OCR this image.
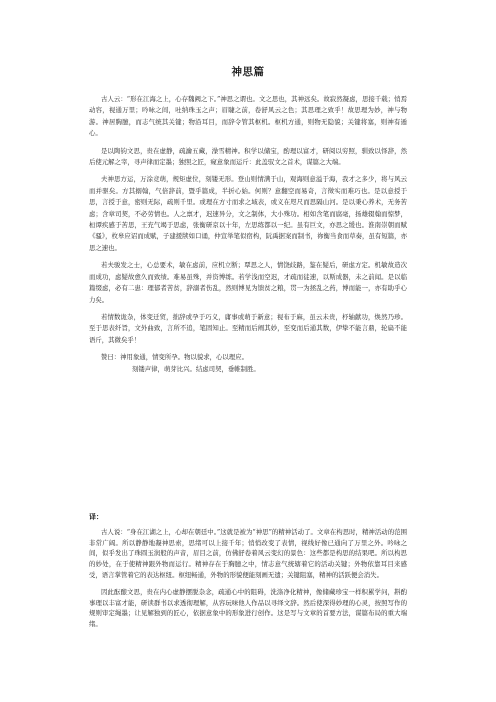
神思篇

古人云：“形在江海之上，心存魏阙之下。”神思之谓也。文之思也，其神远矣。故寂然凝虑，思接千载；悄焉动容，视通万里；吟咏之间，吐纳珠玉之声；眉睫之前，卷舒风云之色；其思理之致乎！故思理为妙，神与物游。神居胸臆，而志气统其关键；物沿耳目，而辞令管其枢机。枢机方通，则物无隐貌；关键将塞，则神有遁心。

是以陶钧文思，贵在虚静，疏瀹五藏，澡雪精神。积学以储宝，酌理以富才，研阅以穷照，驯致以怿辞，然后使元解之宰，寻声律而定墨；独照之匠，窥意象而运斤：此盖驭文之首术，谋篇之大端。

夫神思方运，万涂竞萌，规矩虚位，刻镂无形。登山则情满于山，观海则意溢于海，我才之多少，将与风云而并驱矣。方其搦翰，气倍辞前，暨乎篇成，半折心始。何则？意翻空而易奇，言徵实而难巧也。是以意授于思，言授于意，密则无际，疏则千里。或理在方寸而求之域表，或义在咫尺而思隔山河。是以秉心养术，无务苦虑；含章司契，不必劳情也。人之禀才，迟速异分，文之制体，大小殊功。相如含笔而腐毫，扬雄辍翰而惊梦，桓谭疾感于苦思，王充气竭于思虑，张衡研京以十年，左思练都以一纪。虽有巨文，亦思之缓也。淮南崇朝而赋《骚》，枚皋应诏而成赋，子建援牍如口诵，仲宣举笔似宿构，阮禹据案而制书，祢衡当食而草奏，虽有短篇，亦思之速也。

若夫骏发之士，心总要术，敏在虑前，应机立断；覃思之人，情饶歧路，鉴在疑后，研虑方定。机敏故造次而成功，虑疑故愈久而致绩。难易虽殊，并资博练。若学浅而空迟，才疏而徒速，以斯成器，未之前闻。是以临篇缀虑，必有二患：理郁者苦贫，辞溺者伤乱，然则博见为馈贫之粮，贯一为拯乱之药，博而能一，亦有助乎心力矣。

若情数诡杂，体变迁贸，拙辞或孕于巧义，庸事或萌于新意；视布于麻，虽云未贵，杼轴献功，焕然乃珍。至于思表纤旨，文外曲致，言所不追，笔固知止。至精而后阐其妙，至变而后通其数，伊挚不能言鼎，轮扁不能语斤，其微矣乎！

赞曰：神用象通，情变所孕。物以貌求，心以理应。

刻镂声律，萌芽比兴。结虑司契，垂帷制胜。

译：

古人说：“身在江湖之上，心却在朝廷中。”这就是被为“神思”的精神活动了。文章在构思时，精神活动的范围非常广阔。所以静静地凝神思索，思绪可以上接千年；悄悄改变了表情，视线好像已通向了万里之外。吟咏之间，似乎发出了珠圆玉润般的声音，眉目之前，仿佛舒卷着风云变幻的景色：这些都是构思的结果吧。所以构思的妙处，在于使精神跟外物而运行。精神存在于胸臆之中，情志意气统辖着它的活动关键；外物依靠耳目来感受，语言掌管着它的表达枢纽。枢纽畅通，外物的形貌便能刻画无遗；关键阻塞，精神的活跃便会消失。

因此酝酿文思，贵在内心虚静摆脱杂念，疏通心中的阻碍，洗涤净化精神，像储藏珍宝一样积累学问，斟酌事理以丰富才能，研读群书以求透彻理解，从容玩味他人作品以寻绎文辞。然后使深得妙理的心灵，按照写作的规则审定绳墨；让见解独到的匠心，依据意象中的形象进行创作。这是写与文章的首要方法，谋篇布局的重大端绪。
